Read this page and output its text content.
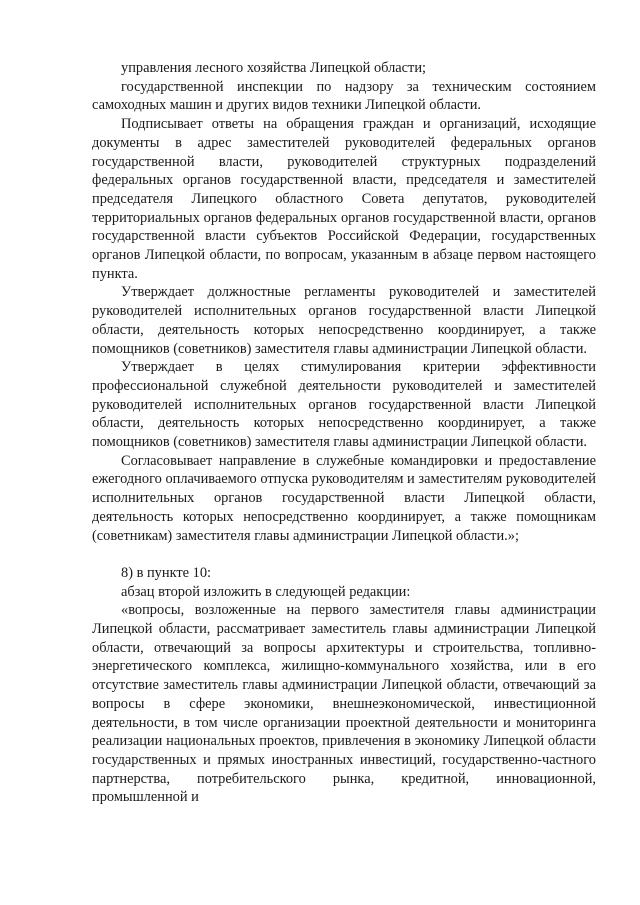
управления лесного хозяйства Липецкой области;

государственной инспекции по надзору за техническим состоянием самоходных машин и других видов техники Липецкой области.

Подписывает ответы на обращения граждан и организаций, исходящие документы в адрес заместителей руководителей федеральных органов государственной власти, руководителей структурных подразделений федеральных органов государственной власти, председателя и заместителей председателя Липецкого областного Совета депутатов, руководителей территориальных органов федеральных органов государственной власти, органов государственной власти субъектов Российской Федерации, государственных органов Липецкой области, по вопросам, указанным в абзаце первом настоящего пункта.

Утверждает должностные регламенты руководителей и заместителей руководителей исполнительных органов государственной власти Липецкой области, деятельность которых непосредственно координирует, а также помощников (советников) заместителя главы администрации Липецкой области.

Утверждает в целях стимулирования критерии эффективности профессиональной служебной деятельности руководителей и заместителей руководителей исполнительных органов государственной власти Липецкой области, деятельность которых непосредственно координирует, а также помощников (советников) заместителя главы администрации Липецкой области.

Согласовывает направление в служебные командировки и предоставление ежегодного оплачиваемого отпуска руководителям и заместителям руководителей исполнительных органов государственной власти Липецкой области, деятельность которых непосредственно координирует, а также помощникам (советникам) заместителя главы администрации Липецкой области.»;

8) в пункте 10:

абзац второй изложить в следующей редакции:

«вопросы, возложенные на первого заместителя главы администрации Липецкой области, рассматривает заместитель главы администрации Липецкой области, отвечающий за вопросы архитектуры и строительства, топливно-энергетического комплекса, жилищно-коммунального хозяйства, или в его отсутствие заместитель главы администрации Липецкой области, отвечающий за вопросы в сфере экономики, внешнеэкономической, инвестиционной деятельности, в том числе организации проектной деятельности и мониторинга реализации национальных проектов, привлечения в экономику Липецкой области государственных и прямых иностранных инвестиций, государственно-частного партнерства, потребительского рынка, кредитной, инновационной, промышленной и
